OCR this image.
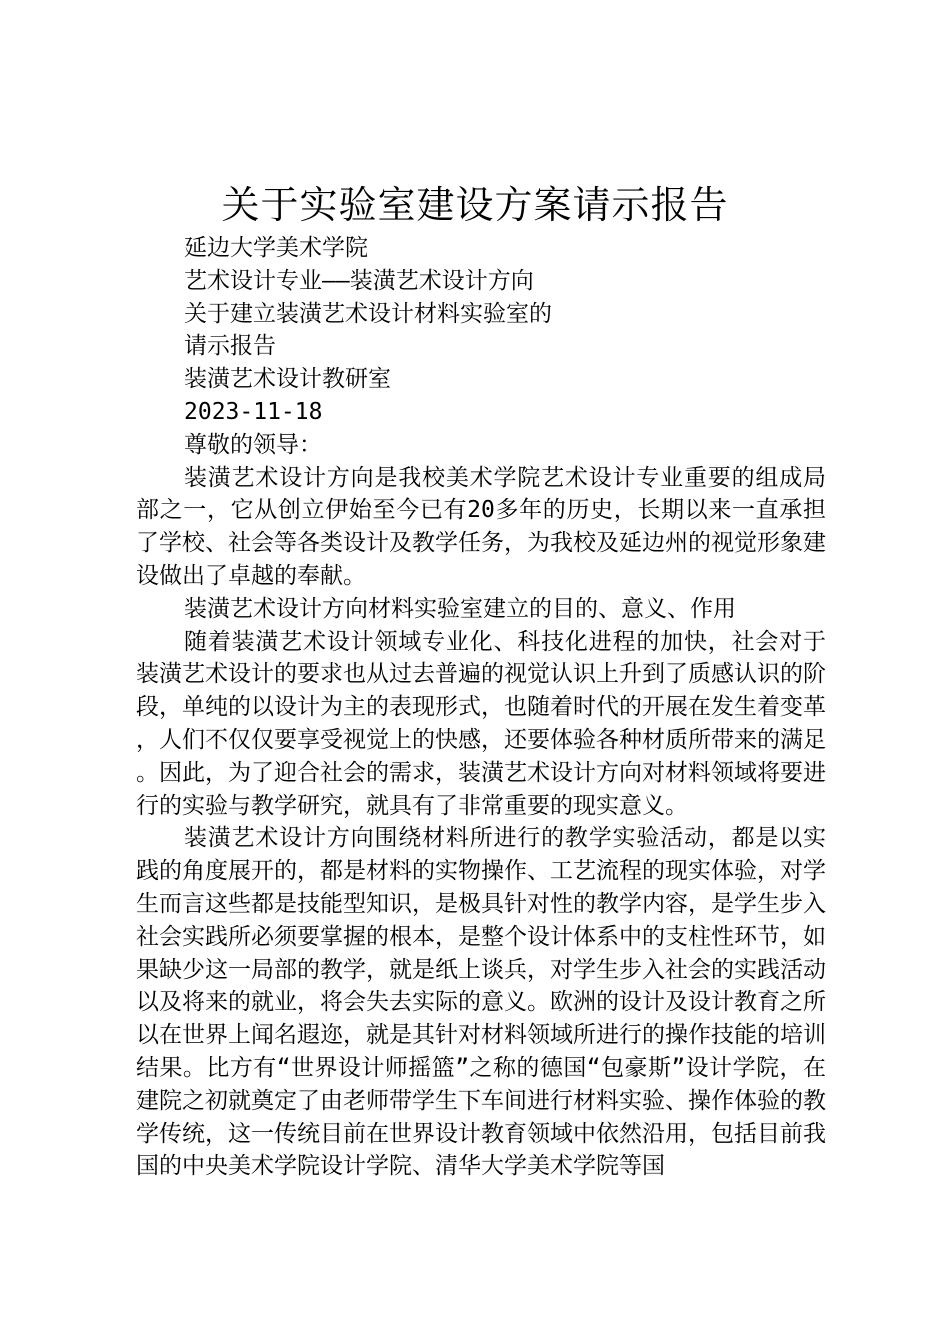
关于实验室建设方案请示报告
延边大学美术学院
艺术设计专业——装潢艺术设计方向
关于建立装潢艺术设计材料实验室的
请示报告
装潢艺术设计教研室
2023-11-18
尊敬的领导：

装潢艺术设计方向是我校美术学院艺术设计专业重要的组成局部之一，它从创立伊始至今已有20多年的历史，长期以来一直承担了学校、社会等各类设计及教学任务，为我校及延边州的视觉形象建设做出了卓越的奉献。

装潢艺术设计方向材料实验室建立的目的、意义、作用

随着装潢艺术设计领域专业化、科技化进程的加快，社会对于装潢艺术设计的要求也从过去普遍的视觉认识上升到了质感认识的阶段，单纯的以设计为主的表现形式，也随着时代的开展在发生着变革，人们不仅仅要享受视觉上的快感，还要体验各种材质所带来的满足。因此，为了迎合社会的需求，装潢艺术设计方向对材料领域将要进行的实验与教学研究，就具有了非常重要的现实意义。

装潢艺术设计方向围绕材料所进行的教学实验活动，都是以实践的角度展开的，都是材料的实物操作、工艺流程的现实体验，对学生而言这些都是技能型知识，是极具针对性的教学内容，是学生步入社会实践所必须要掌握的根本，是整个设计体系中的支柱性环节，如果缺少这一局部的教学，就是纸上谈兵，对学生步入社会的实践活动以及将来的就业，将会失去实际的意义。欧洲的设计及设计教育之所以在世界上闻名遐迩，就是其针对材料领域所进行的操作技能的培训结果。比方有“世界设计师摇篮”之称的德国“包豪斯”设计学院，在建院之初就奠定了由老师带学生下车间进行材料实验、操作体验的教学传统，这一传统目前在世界设计教育领域中依然沿用，包括目前我国的中央美术学院设计学院、清华大学美术学院等国
